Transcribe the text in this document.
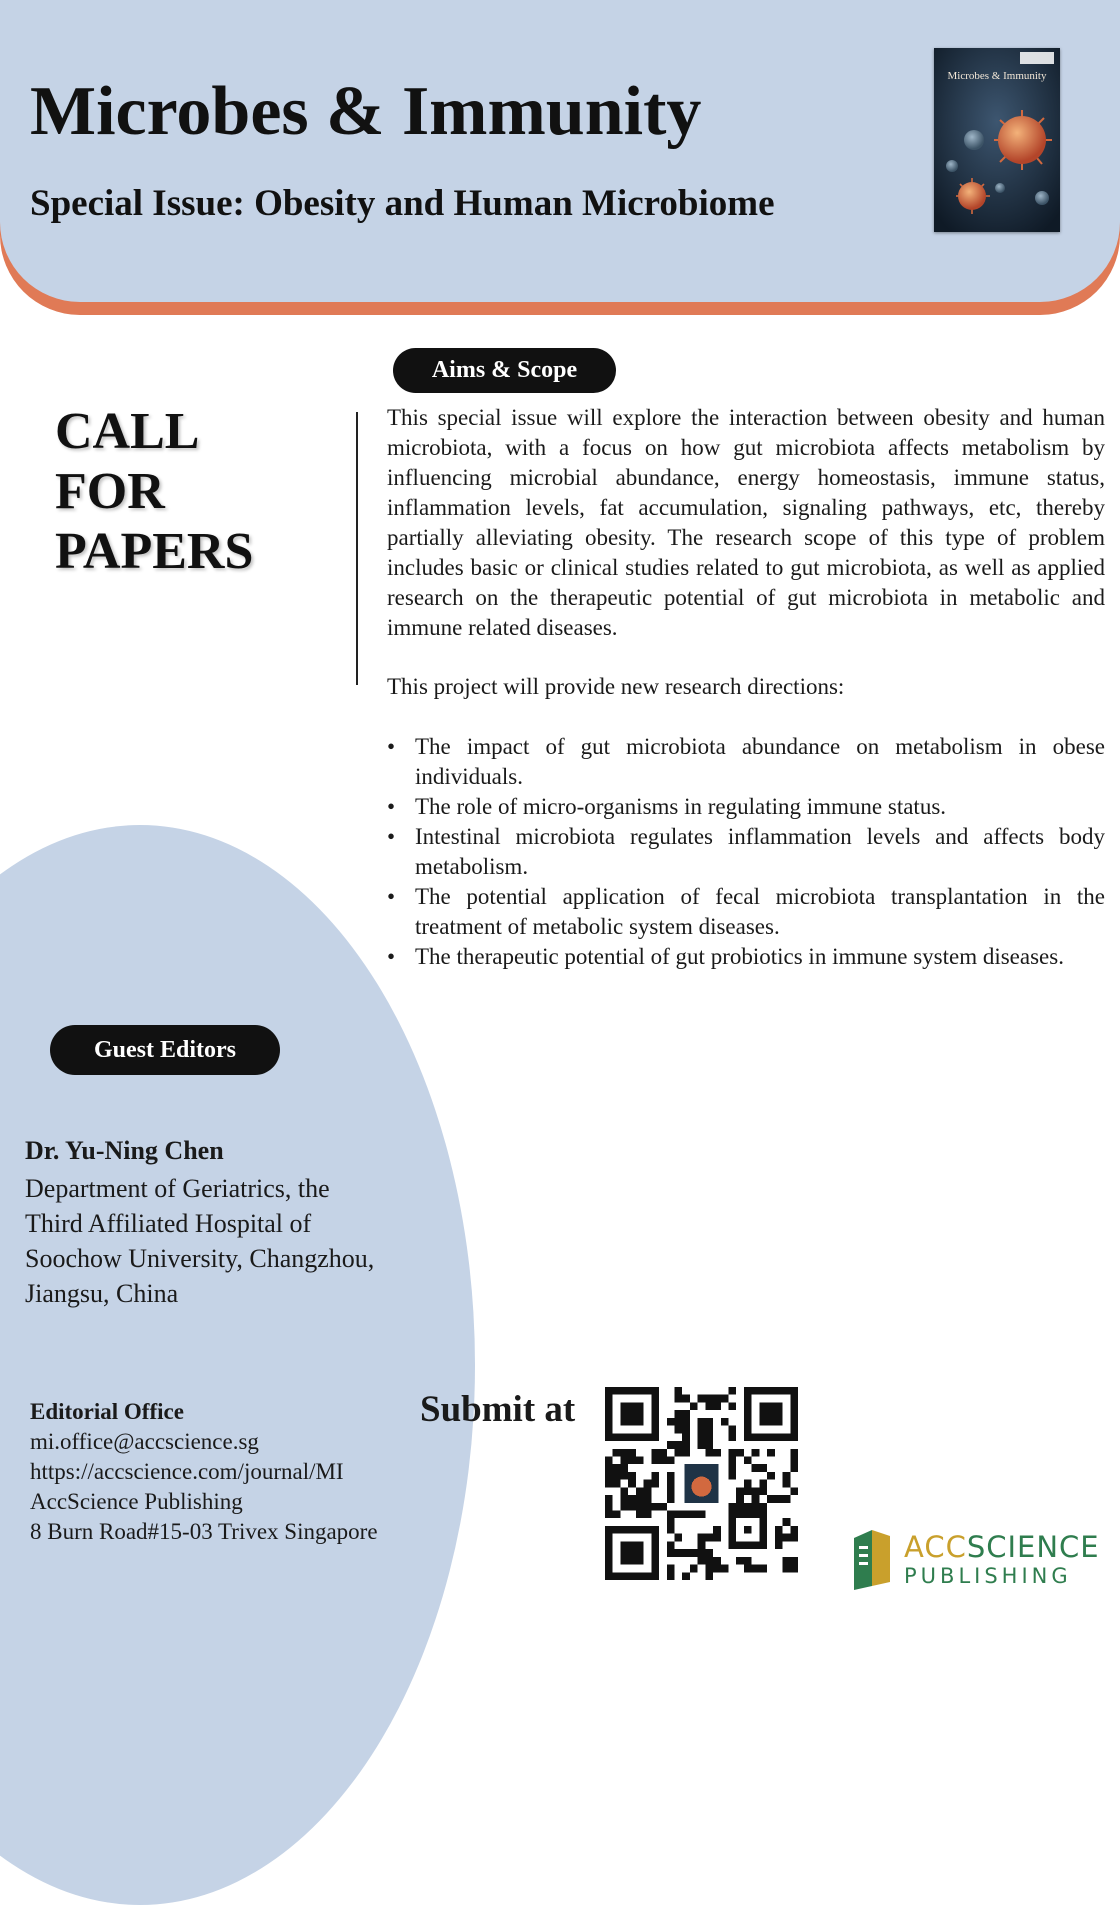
Microbes & Immunity
Special Issue: Obesity and Human Microbiome
Microbes & Immunity
CALL
FOR
PAPERS
Aims & Scope

This special issue will explore the interaction between obesity and human microbiota, with a focus on how gut microbiota affects metabolism by influencing microbial abundance, energy homeostasis, immune status, inflammation levels, fat accumulation, signaling pathways, etc, thereby partially alleviating obesity. The research scope of this type of problem includes basic or clinical studies related to gut microbiota, as well as applied research on the therapeutic potential of gut microbiota in metabolic and immune related diseases.

This project will provide new research directions:

• The impact of gut microbiota abundance on metabolism in obese individuals.
• The role of micro-organisms in regulating immune status.
• Intestinal microbiota regulates inflammation levels and affects body metabolism.
• The potential application of fecal microbiota transplantation in the treatment of metabolic system diseases.
• The therapeutic potential of gut probiotics in immune system diseases.
Guest Editors

Dr. Yu-Ning Chen

Department of Geriatrics, the Third Affiliated Hospital of Soochow University, Changzhou, Jiangsu, China

Editorial Office

mi.office@accscience.sg

https://accscience.com/journal/MI

AccScience Publishing

8 Burn Road#15-03 Trivex Singapore

Submit at

ACCSCIENCE

PUBLISHING
